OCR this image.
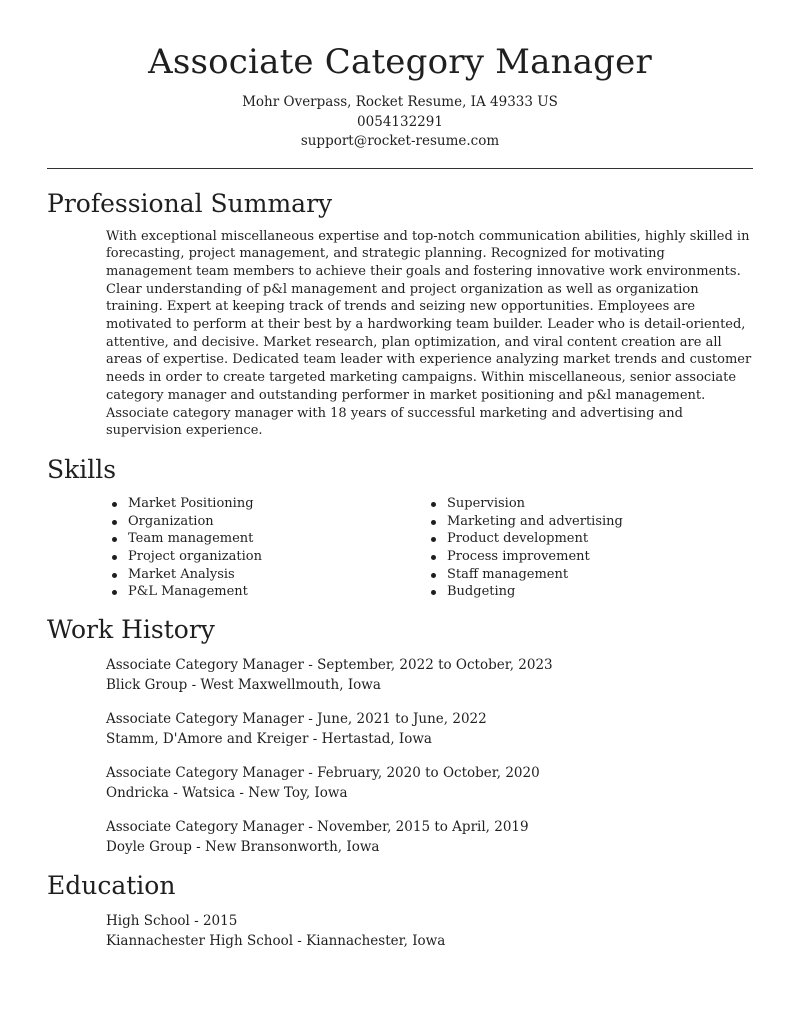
Associate Category Manager
Mohr Overpass, Rocket Resume, IA 49333 US
0054132291
support@rocket-resume.com
Professional Summary

With exceptional miscellaneous expertise and top-notch communication abilities, highly skilled in forecasting, project management, and strategic planning. Recognized for motivating management team members to achieve their goals and fostering innovative work environments. Clear understanding of p&l management and project organization as well as organization training. Expert at keeping track of trends and seizing new opportunities. Employees are motivated to perform at their best by a hardworking team builder. Leader who is detail-oriented, attentive, and decisive. Market research, plan optimization, and viral content creation are all areas of expertise. Dedicated team leader with experience analyzing market trends and customer needs in order to create targeted marketing campaigns. Within miscellaneous, senior associate category manager and outstanding performer in market positioning and p&l management. Associate category manager with 18 years of successful marketing and advertising and supervision experience.

Skills
Market Positioning
Organization
Team management
Project organization
Market Analysis
P&L Management
Supervision
Marketing and advertising
Product development
Process improvement
Staff management
Budgeting
Work History
Associate Category Manager - September, 2022 to October, 2023
Blick Group - West Maxwellmouth, Iowa
Associate Category Manager - June, 2021 to June, 2022
Stamm, D'Amore and Kreiger - Hertastad, Iowa
Associate Category Manager - February, 2020 to October, 2020
Ondricka - Watsica - New Toy, Iowa
Associate Category Manager - November, 2015 to April, 2019
Doyle Group - New Bransonworth, Iowa
Education
High School - 2015
Kiannachester High School - Kiannachester, Iowa
